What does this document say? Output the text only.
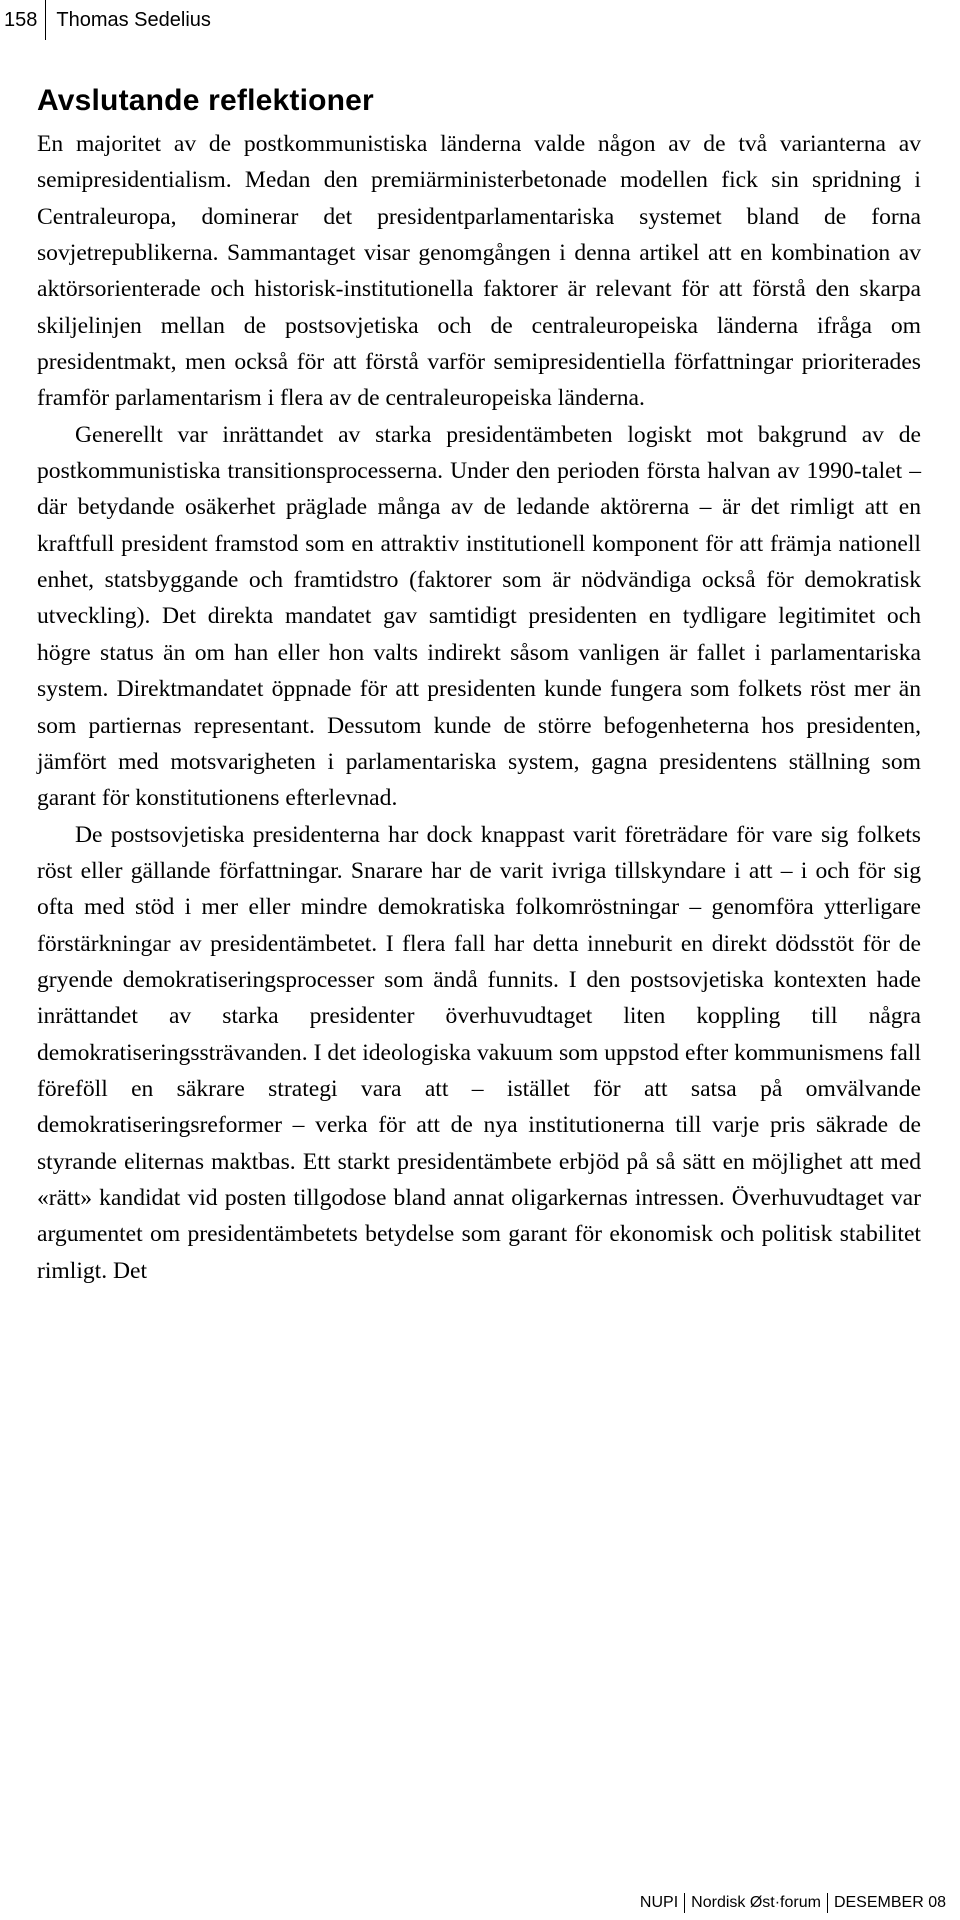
158 Thomas Sedelius
Avslutande reflektioner

En majoritet av de postkommunistiska länderna valde någon av de två varianterna av semipresidentialism. Medan den premiärministerbetonade modellen fick sin spridning i Centraleuropa, dominerar det presidentparlamentariska systemet bland de forna sovjetrepublikerna. Sammantaget visar genomgången i denna artikel att en kombination av aktörsorienterade och historisk-institutionella faktorer är relevant för att förstå den skarpa skiljelinjen mellan de postsovjetiska och de centraleuropeiska länderna ifråga om presidentmakt, men också för att förstå varför semipresidentiella författningar prioriterades framför parlamentarism i flera av de centraleuropeiska länderna.

Generellt var inrättandet av starka presidentämbeten logiskt mot bakgrund av de postkommunistiska transitionsprocesserna. Under den perioden första halvan av 1990-talet – där betydande osäkerhet präglade många av de ledande aktörerna – är det rimligt att en kraftfull president framstod som en attraktiv institutionell komponent för att främja nationell enhet, statsbyggande och framtidstro (faktorer som är nödvändiga också för demokratisk utveckling). Det direkta mandatet gav samtidigt presidenten en tydligare legitimitet och högre status än om han eller hon valts indirekt såsom vanligen är fallet i parlamentariska system. Direktmandatet öppnade för att presidenten kunde fungera som folkets röst mer än som partiernas representant. Dessutom kunde de större befogenheterna hos presidenten, jämfört med motsvarigheten i parlamentariska system, gagna presidentens ställning som garant för konstitutionens efterlevnad.

De postsovjetiska presidenterna har dock knappast varit företrädare för vare sig folkets röst eller gällande författningar. Snarare har de varit ivriga tillskyndare i att – i och för sig ofta med stöd i mer eller mindre demokratiska folkomröstningar – genomföra ytterligare förstärkningar av presidentämbetet. I flera fall har detta inneburit en direkt dödsstöt för de gryende demokratiseringsprocesser som ändå funnits. I den postsovjetiska kontexten hade inrättandet av starka presidenter överhuvudtaget liten koppling till några demokratiseringssträvanden. I det ideologiska vakuum som uppstod efter kommunismens fall föreföll en säkrare strategi vara att – istället för att satsa på omvälvande demokratiseringsreformer – verka för att de nya institutionerna till varje pris säkrade de styrande eliternas maktbas. Ett starkt presidentämbete erbjöd på så sätt en möjlighet att med «rätt» kandidat vid posten tillgodose bland annat oligarkernas intressen. Överhuvudtaget var argumentet om presidentämbetets betydelse som garant för ekonomisk och politisk stabilitet rimligt. Det

NUPI Nordisk Øst·forum DESEMBER 08
